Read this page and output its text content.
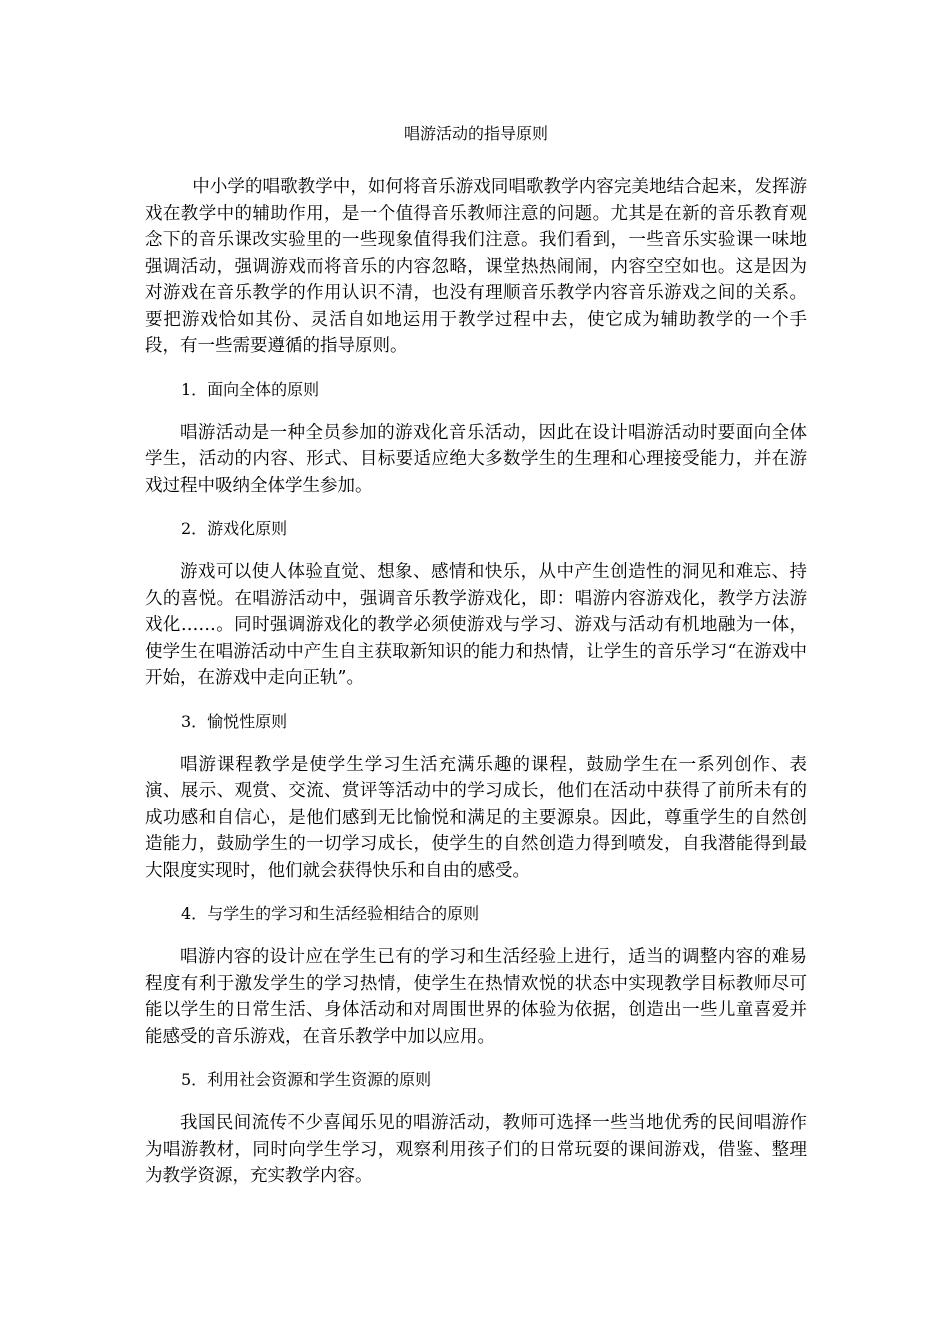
唱游活动的指导原则

中小学的唱歌教学中，如何将音乐游戏同唱歌教学内容完美地结合起来，发挥游戏在教学中的辅助作用，是一个值得音乐教师注意的问题。尤其是在新的音乐教育观念下的音乐课改实验里的一些现象值得我们注意。我们看到，一些音乐实验课一味地强调活动，强调游戏而将音乐的内容忽略，课堂热热闹闹，内容空空如也。这是因为对游戏在音乐教学的作用认识不清，也没有理顺音乐教学内容音乐游戏之间的关系。要把游戏恰如其份、灵活自如地运用于教学过程中去，使它成为辅助教学的一个手段，有一些需要遵循的指导原则。

1．面向全体的原则

唱游活动是一种全员参加的游戏化音乐活动，因此在设计唱游活动时要面向全体学生，活动的内容、形式、目标要适应绝大多数学生的生理和心理接受能力，并在游戏过程中吸纳全体学生参加。

2．游戏化原则

游戏可以使人体验直觉、想象、感情和快乐，从中产生创造性的洞见和难忘、持久的喜悦。在唱游活动中，强调音乐教学游戏化，即：唱游内容游戏化，教学方法游戏化……。同时强调游戏化的教学必须使游戏与学习、游戏与活动有机地融为一体，使学生在唱游活动中产生自主获取新知识的能力和热情，让学生的音乐学习“在游戏中开始，在游戏中走向正轨”。

3．愉悦性原则

唱游课程教学是使学生学习生活充满乐趣的课程，鼓励学生在一系列创作、表演、展示、观赏、交流、赏评等活动中的学习成长，他们在活动中获得了前所未有的成功感和自信心，是他们感到无比愉悦和满足的主要源泉。因此，尊重学生的自然创造能力，鼓励学生的一切学习成长，使学生的自然创造力得到喷发，自我潜能得到最大限度实现时，他们就会获得快乐和自由的感受。

4．与学生的学习和生活经验相结合的原则

唱游内容的设计应在学生已有的学习和生活经验上进行，适当的调整内容的难易程度有利于激发学生的学习热情，使学生在热情欢悦的状态中实现教学目标教师尽可能以学生的日常生活、身体活动和对周围世界的体验为依据，创造出一些儿童喜爱并能感受的音乐游戏，在音乐教学中加以应用。

5．利用社会资源和学生资源的原则

我国民间流传不少喜闻乐见的唱游活动，教师可选择一些当地优秀的民间唱游作为唱游教材，同时向学生学习，观察利用孩子们的日常玩耍的课间游戏，借鉴、整理为教学资源，充实教学内容。
